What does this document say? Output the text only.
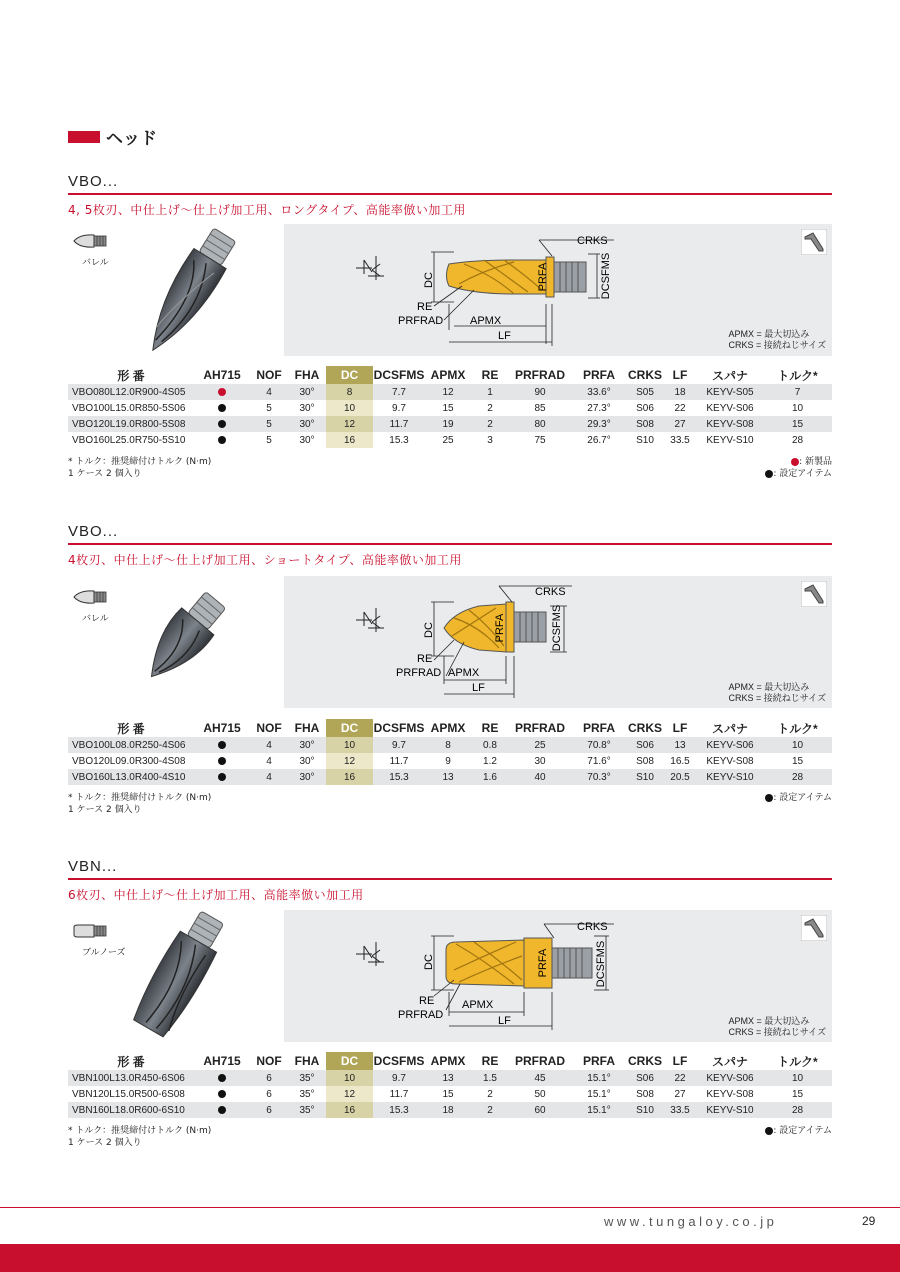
ヘッド
VBO...
4, 5枚刃、中仕上げ～仕上げ加工用、ロングタイプ、高能率倣い加工用
バレル
CRKS
DC	PRFA	DCSFMS
RE
PRFRAD APMX
LF	APMX = 最大切込み
CRKS = 接続ねじサイズ
形 番	AH715	NOF	FHA	DC	DCSFMS	APMX	RE	PRFRAD	PRFA	CRKS	LF	スパナ	トルク*
VBO080L12.0R900-4S05		4	30°	8	7.7	12	1	90	33.6°	S05	18	KEYV-S05	7
VBO100L15.0R850-5S06		5	30°	10	9.7	15	2	85	27.3°	S06	22	KEYV-S06	10
VBO120L19.0R800-5S08		5	30°	12	11.7	19	2	80	29.3°	S08	27	KEYV-S08	15
VBO160L25.0R750-5S10		5	30°	16	15.3	25	3	75	26.7°	S10	33.5	KEYV-S10	28
* トルク：推奨締付けトルク (N·m)
1 ケース 2 個入り
: 新製品
: 設定アイテム
VBO...
4枚刃、中仕上げ～仕上げ加工用、ショートタイプ、高能率倣い加工用
バレル
CRKS
DC	PRFA	DCSFMS
RE
PRFRAD APMX
LF	APMX = 最大切込み
CRKS = 接続ねじサイズ
形 番	AH715	NOF	FHA	DC	DCSFMS	APMX	RE	PRFRAD	PRFA	CRKS	LF	スパナ	トルク*
VBO100L08.0R250-4S06		4	30°	10	9.7	8	0.8	25	70.8°	S06	13	KEYV-S06	10
VBO120L09.0R300-4S08		4	30°	12	11.7	9	1.2	30	71.6°	S08	16.5	KEYV-S08	15
VBO160L13.0R400-4S10		4	30°	16	15.3	13	1.6	40	70.3°	S10	20.5	KEYV-S10	28
* トルク：推奨締付けトルク (N·m)
1 ケース 2 個入り
: 設定アイテム
VBN...
6枚刃、中仕上げ～仕上げ加工用、高能率倣い加工用
ブルノーズ
CRKS
DC	PRFA	DCSFMS
RE
PRFRAD
APMX
LF	APMX = 最大切込み
CRKS = 接続ねじサイズ
形 番	AH715	NOF	FHA	DC	DCSFMS	APMX	RE	PRFRAD	PRFA	CRKS	LF	スパナ	トルク*
VBN100L13.0R450-6S06		6	35°	10	9.7	13	1.5	45	15.1°	S06	22	KEYV-S06	10
VBN120L15.0R500-6S08		6	35°	12	11.7	15	2	50	15.1°	S08	27	KEYV-S08	15
VBN160L18.0R600-6S10		6	35°	16	15.3	18	2	60	15.1°	S10	33.5	KEYV-S10	28
* トルク：推奨締付けトルク (N·m)
1 ケース 2 個入り
: 設定アイテム
www.tungaloy.co.jp	29
